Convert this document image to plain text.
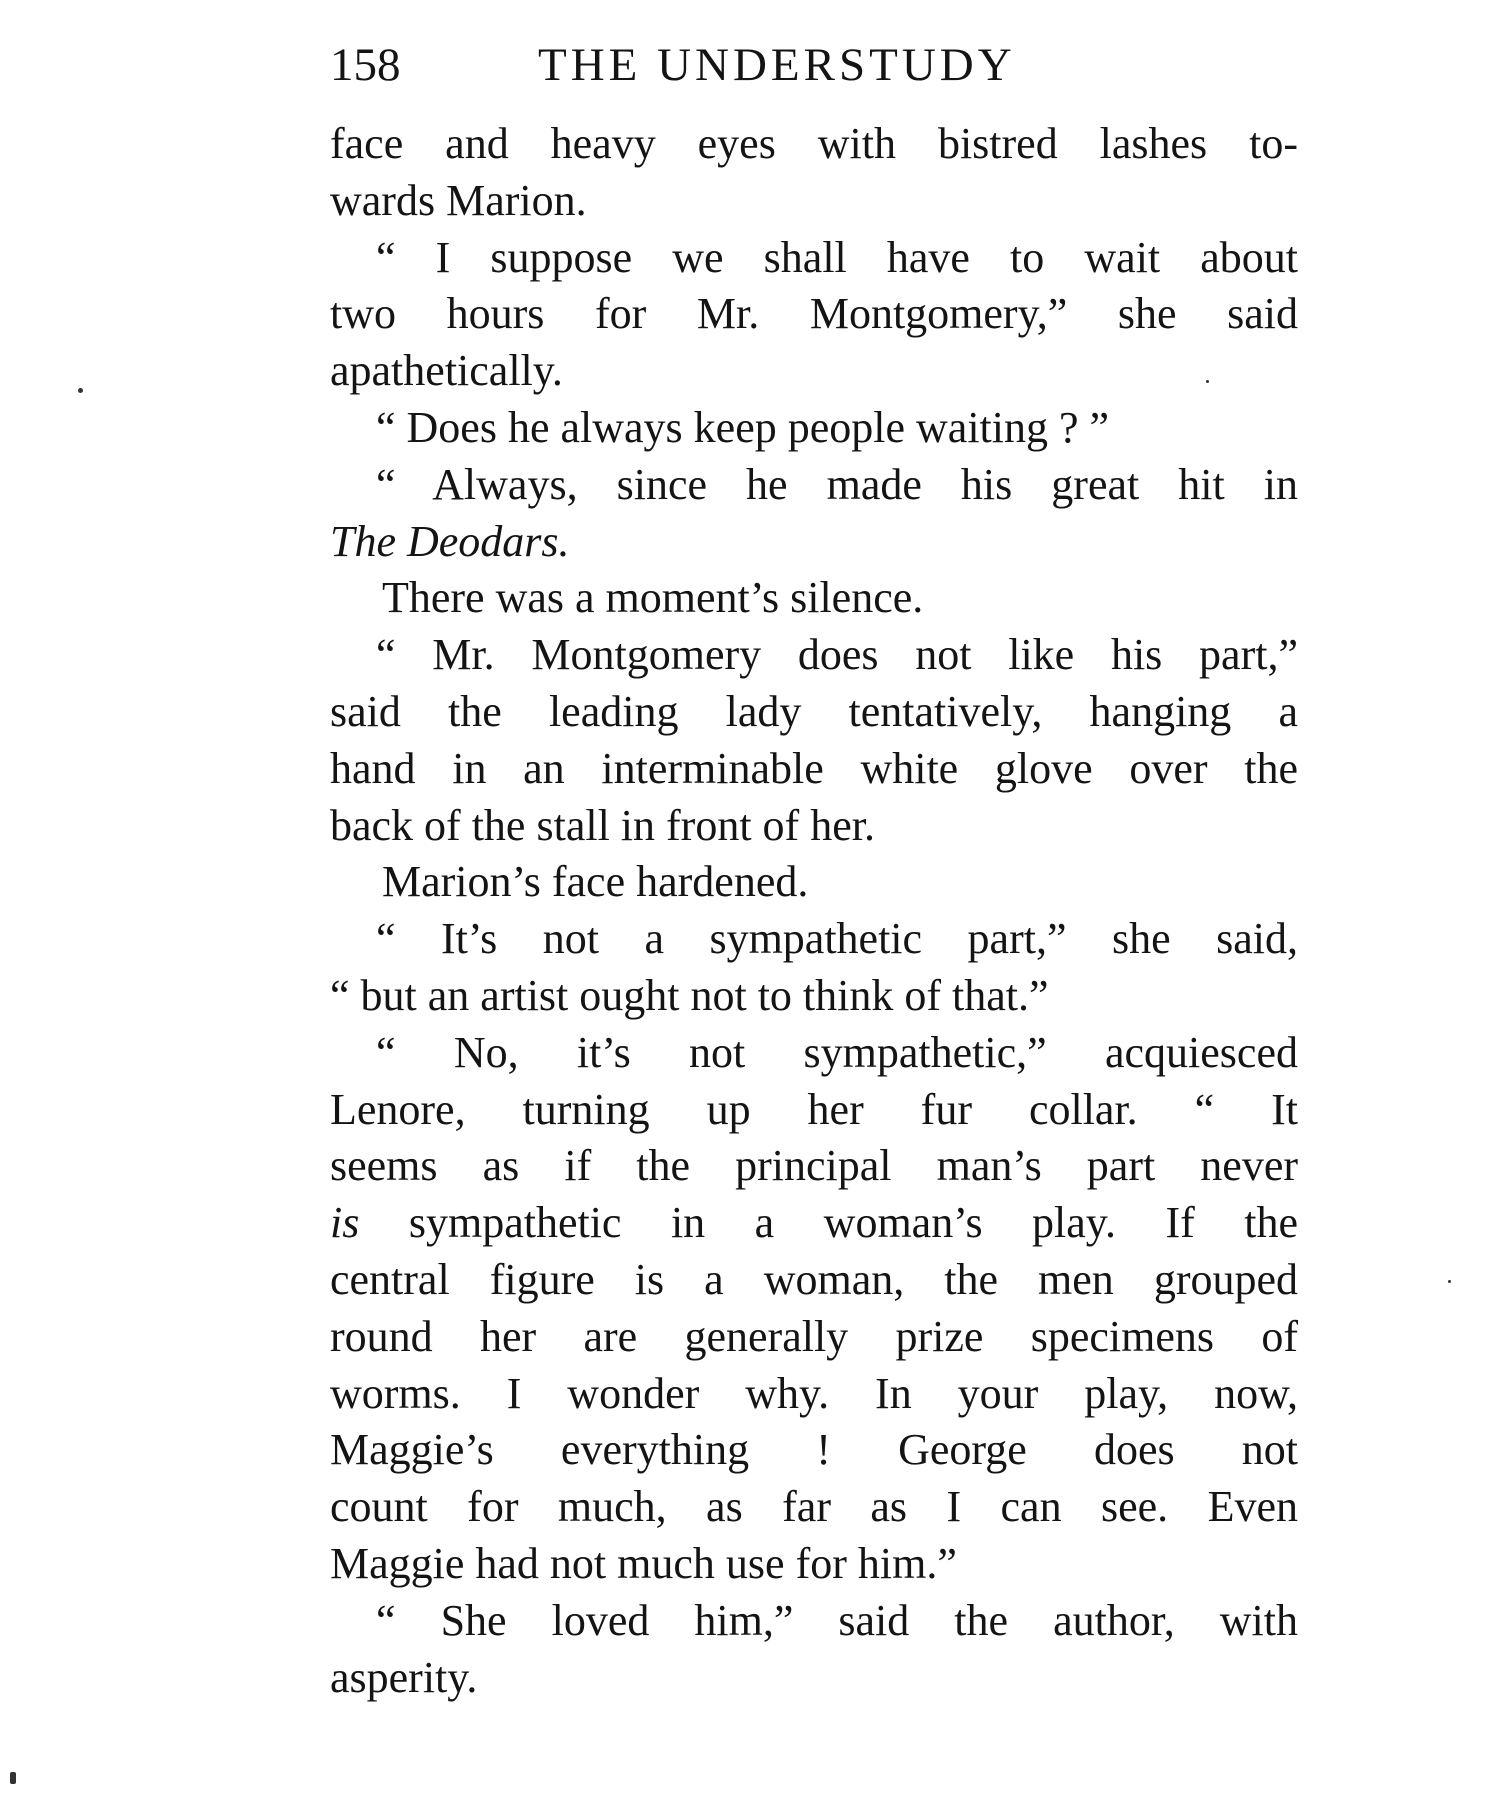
158	THE UNDERSTUDY
face and heavy eyes with bistred lashes to-
wards Marion.
“ I suppose we shall have to wait about
two hours for Mr. Montgomery,” she said
apathetically.
“ Does he always keep people waiting ? ”
“ Always, since he made his great hit in
The Deodars.
There was a moment’s silence.
“ Mr. Montgomery does not like his part,”
said the leading lady tentatively, hanging a
hand in an interminable white glove over the
back of the stall in front of her.
Marion’s face hardened.
“ It’s not a sympathetic part,” she said,
“ but an artist ought not to think of that.”
“ No, it’s not sympathetic,” acquiesced
Lenore, turning up her fur collar. “ It
seems as if the principal man’s part never
is sympathetic in a woman’s play. If the
central figure is a woman, the men grouped
round her are generally prize specimens of
worms. I wonder why. In your play, now,
Maggie’s everything ! George does not
count for much, as far as I can see. Even
Maggie had not much use for him.”
“ She loved him,” said the author, with
asperity.
